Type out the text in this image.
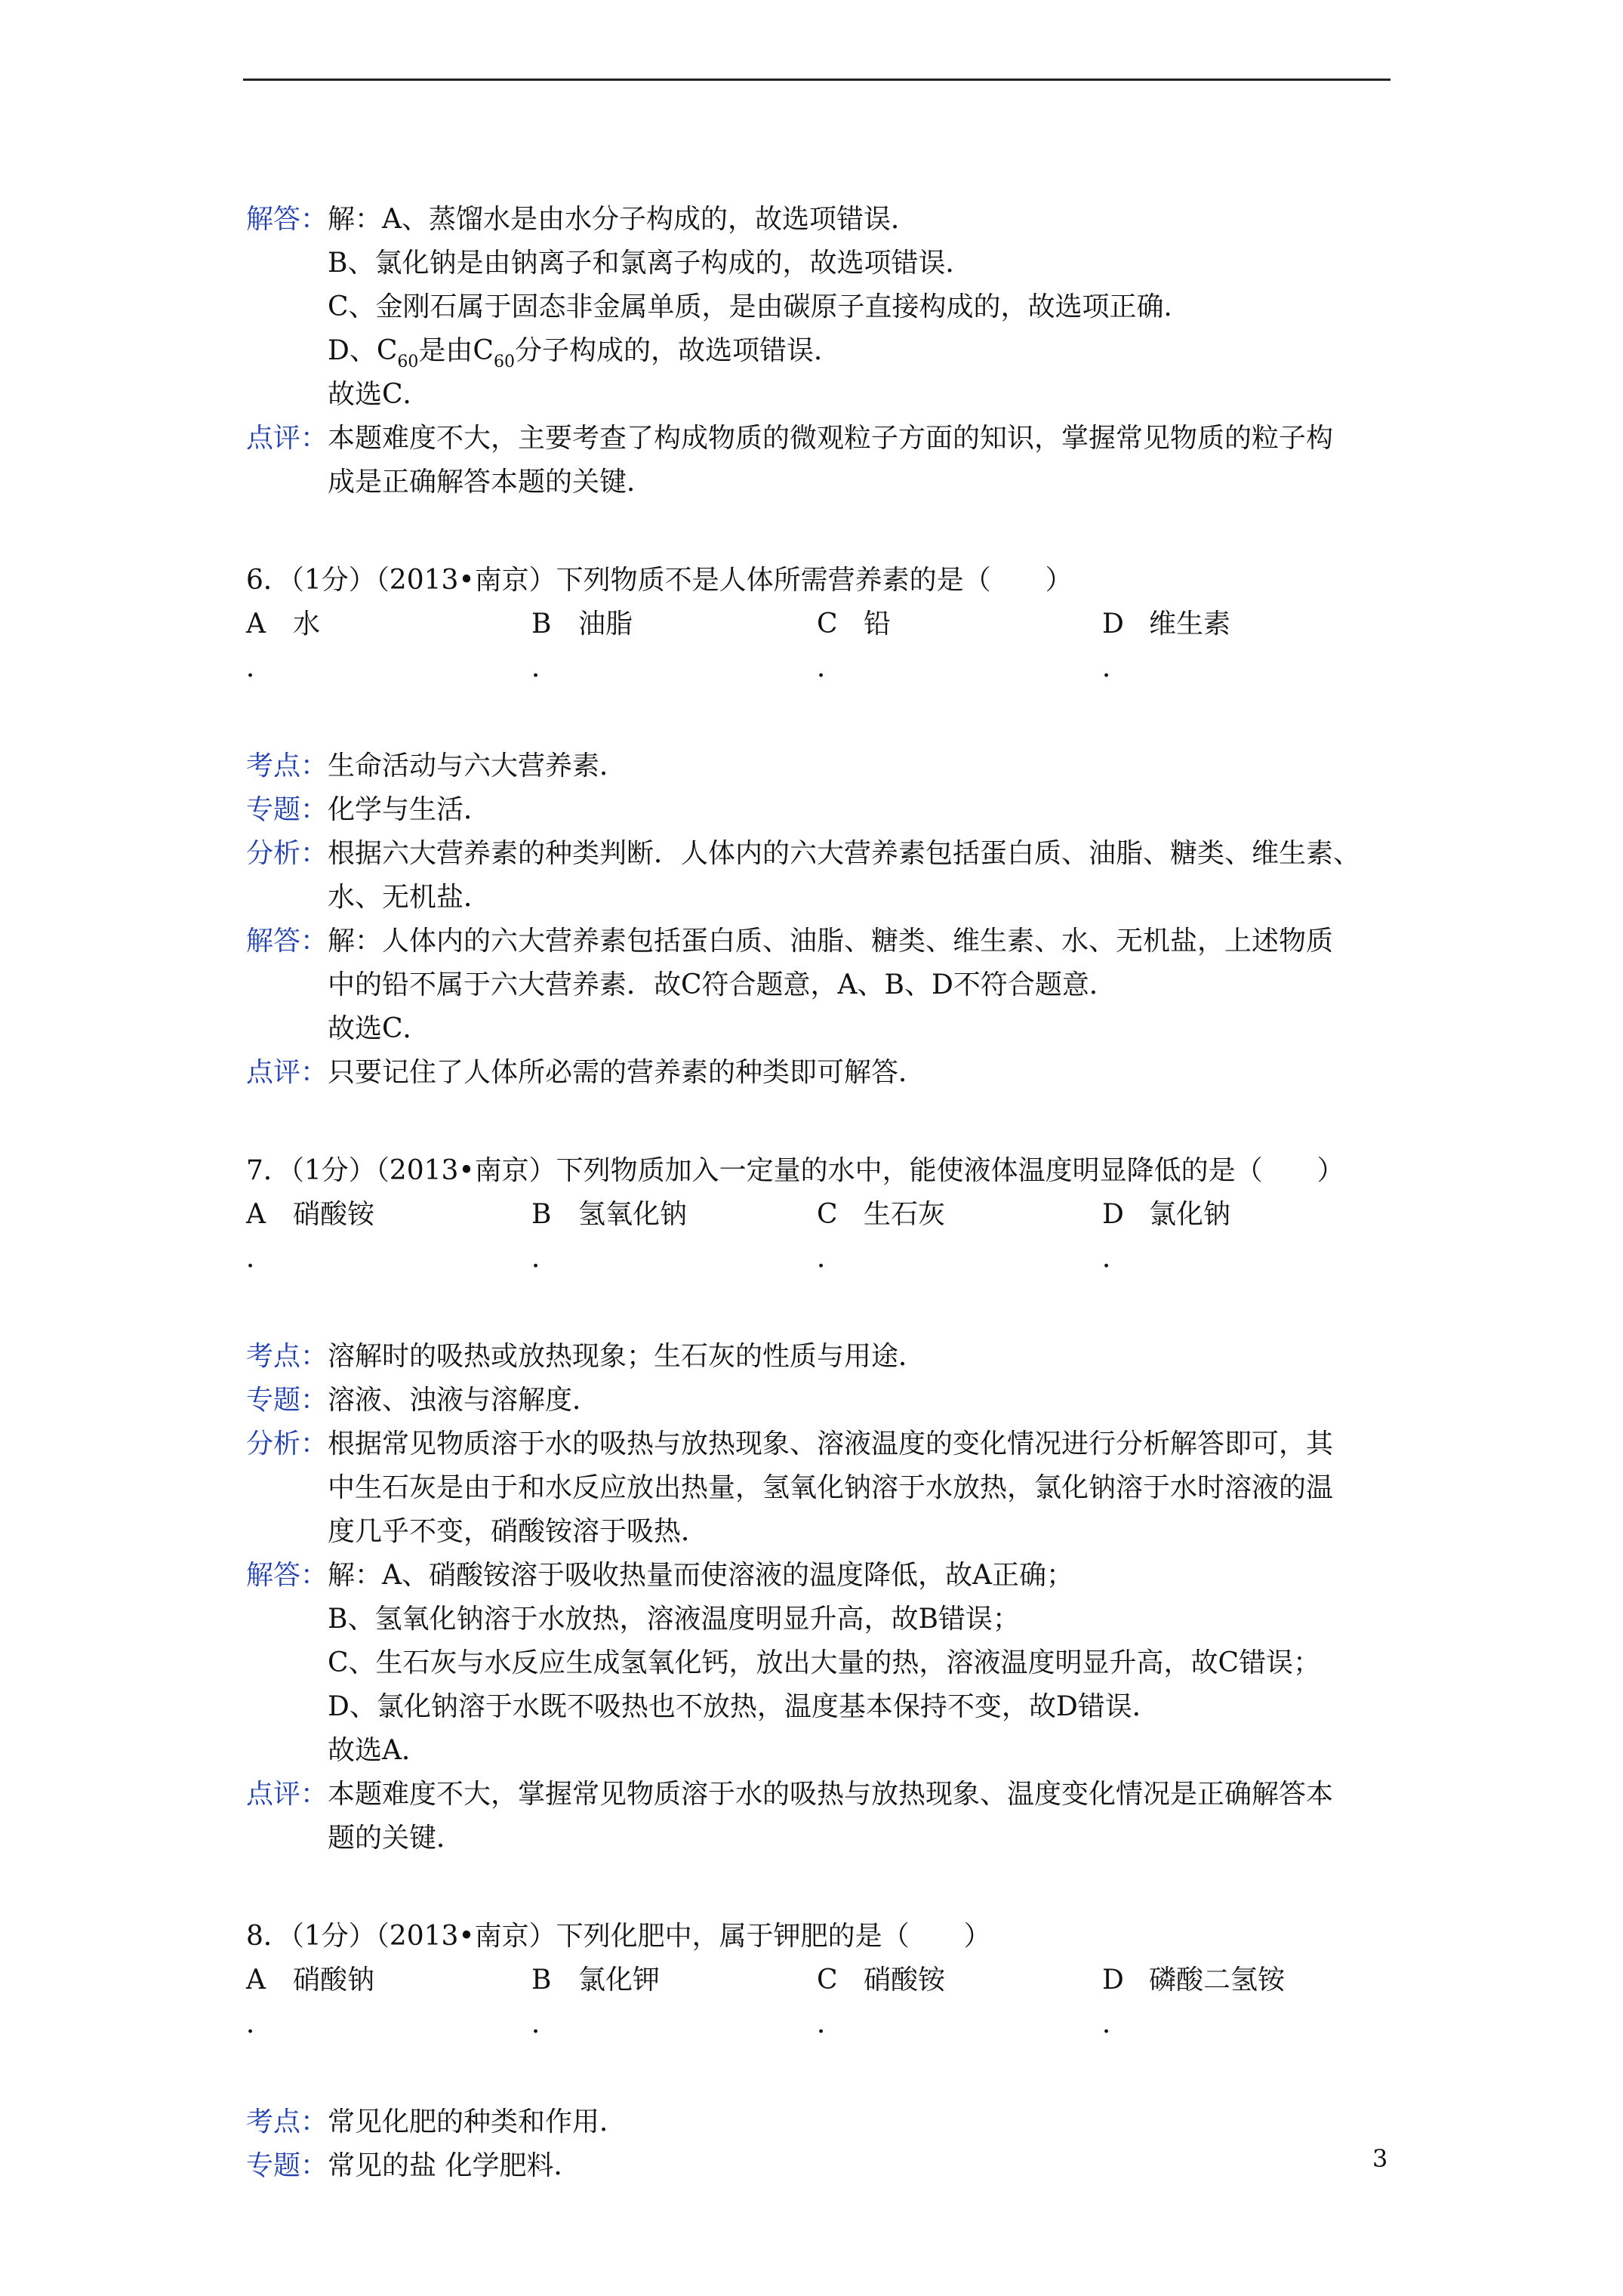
解答：解：A、蒸馏水是由水分子构成的，故选项错误．
B、氯化钠是由钠离子和氯离子构成的，故选项错误．
C、金刚石属于固态非金属单质，是由碳原子直接构成的，故选项正确．
D、$C_{60}$是由$C_{60}$分子构成的，故选项错误．
故选C．
点评：本题难度不大，主要考查了构成物质的微观粒子方面的知识，掌握常见物质的粒子构
成是正确解答本题的关键．
6．（1分）（2013•南京）下列物质不是人体所需营养素的是（　　）
A 水	B 油脂	C 铅	D 维生素
．	．	．	．
考点：生命活动与六大营养素．
专题：化学与生活．
分析：根据六大营养素的种类判断．人体内的六大营养素包括蛋白质、油脂、糖类、维生素、
水、无机盐．
解答：解：人体内的六大营养素包括蛋白质、油脂、糖类、维生素、水、无机盐，上述物质
中的铅不属于六大营养素．故C符合题意，A、B、D不符合题意．
故选C．
点评：只要记住了人体所必需的营养素的种类即可解答．
7．（1分）（2013•南京）下列物质加入一定量的水中，能使液体温度明显降低的是（　　）
A 硝酸铵	B 氢氧化钠	C 生石灰	D 氯化钠
．	．	．	．
考点：溶解时的吸热或放热现象；生石灰的性质与用途．
专题：溶液、浊液与溶解度．
分析：根据常见物质溶于水的吸热与放热现象、溶液温度的变化情况进行分析解答即可，其
中生石灰是由于和水反应放出热量，氢氧化钠溶于水放热，氯化钠溶于水时溶液的温
度几乎不变，硝酸铵溶于吸热．
解答：解：A、硝酸铵溶于吸收热量而使溶液的温度降低，故A正确；
B、氢氧化钠溶于水放热，溶液温度明显升高，故B错误；
C、生石灰与水反应生成氢氧化钙，放出大量的热，溶液温度明显升高，故C错误；
D、氯化钠溶于水既不吸热也不放热，温度基本保持不变，故D错误．
故选A．
点评：本题难度不大，掌握常见物质溶于水的吸热与放热现象、温度变化情况是正确解答本
题的关键．
8．（1分）（2013•南京）下列化肥中，属于钾肥的是（　　）
A 硝酸钠	B 氯化钾	C 硝酸铵	D 磷酸二氢铵
．	．	．	．
考点：常见化肥的种类和作用．
专题：常见的盐 化学肥料．	3
